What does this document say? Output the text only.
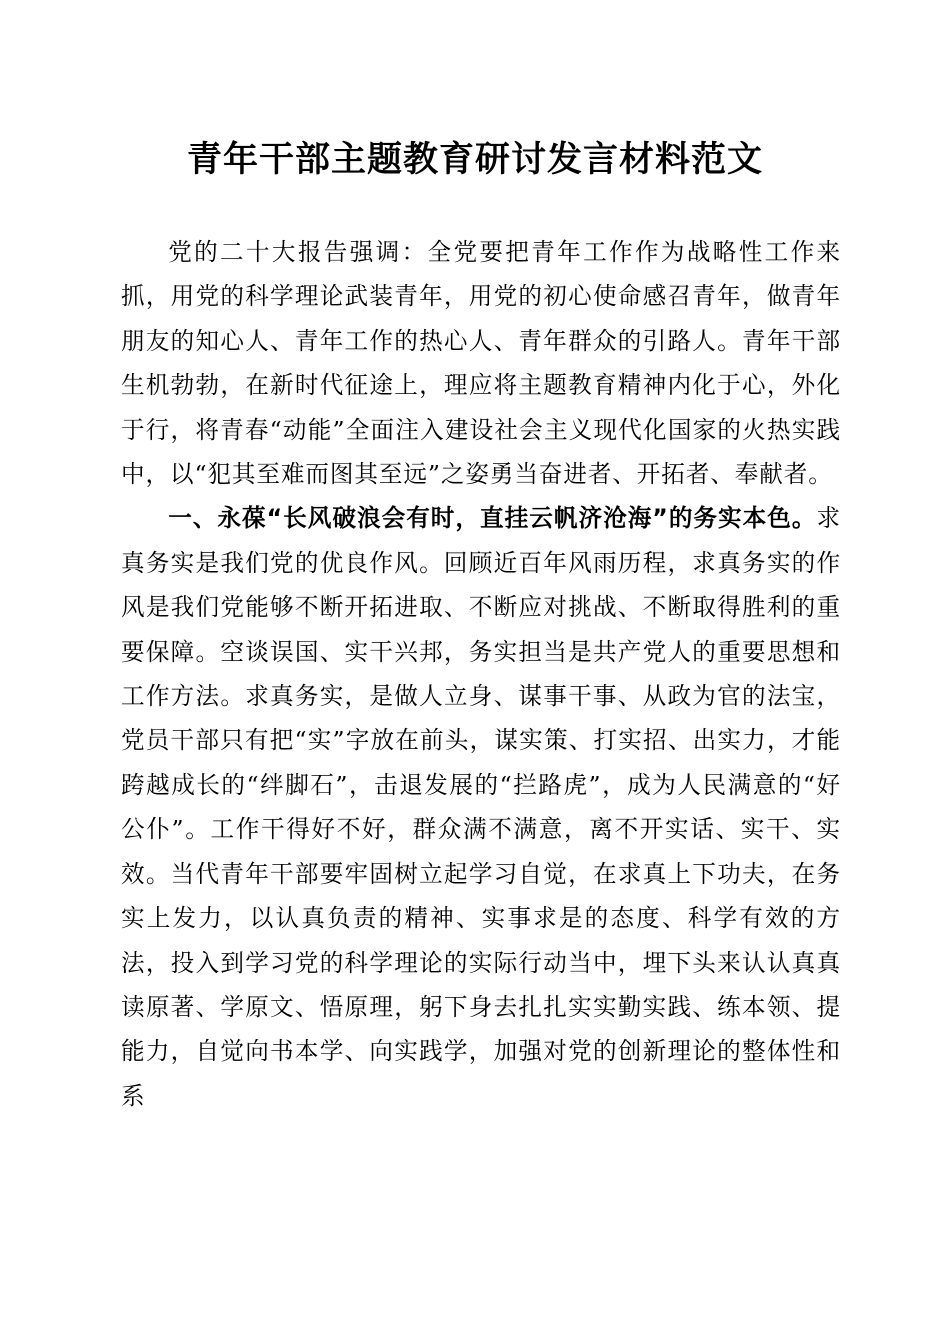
青年干部主题教育研讨发言材料范文

党的二十大报告强调：全党要把青年工作作为战略性工作来抓，用党的科学理论武装青年，用党的初心使命感召青年，做青年朋友的知心人、青年工作的热心人、青年群众的引路人。青年干部生机勃勃，在新时代征途上，理应将主题教育精神内化于心，外化于行，将青春“动能”全面注入建设社会主义现代化国家的火热实践中，以“犯其至难而图其至远”之姿勇当奋进者、开拓者、奉献者。

一、永葆“长风破浪会有时，直挂云帆济沧海”的务实本色。求真务实是我们党的优良作风。回顾近百年风雨历程，求真务实的作风是我们党能够不断开拓进取、不断应对挑战、不断取得胜利的重要保障。空谈误国、实干兴邦，务实担当是共产党人的重要思想和工作方法。求真务实，是做人立身、谋事干事、从政为官的法宝，党员干部只有把“实”字放在前头，谋实策、打实招、出实力，才能跨越成长的“绊脚石”，击退发展的“拦路虎”，成为人民满意的“好公仆”。工作干得好不好，群众满不满意，离不开实话、实干、实效。当代青年干部要牢固树立起学习自觉，在求真上下功夫，在务实上发力，以认真负责的精神、实事求是的态度、科学有效的方法，投入到学习党的科学理论的实际行动当中，埋下头来认认真真读原著、学原文、悟原理，躬下身去扎扎实实勤实践、练本领、提能力，自觉向书本学、向实践学，加强对党的创新理论的整体性和系
